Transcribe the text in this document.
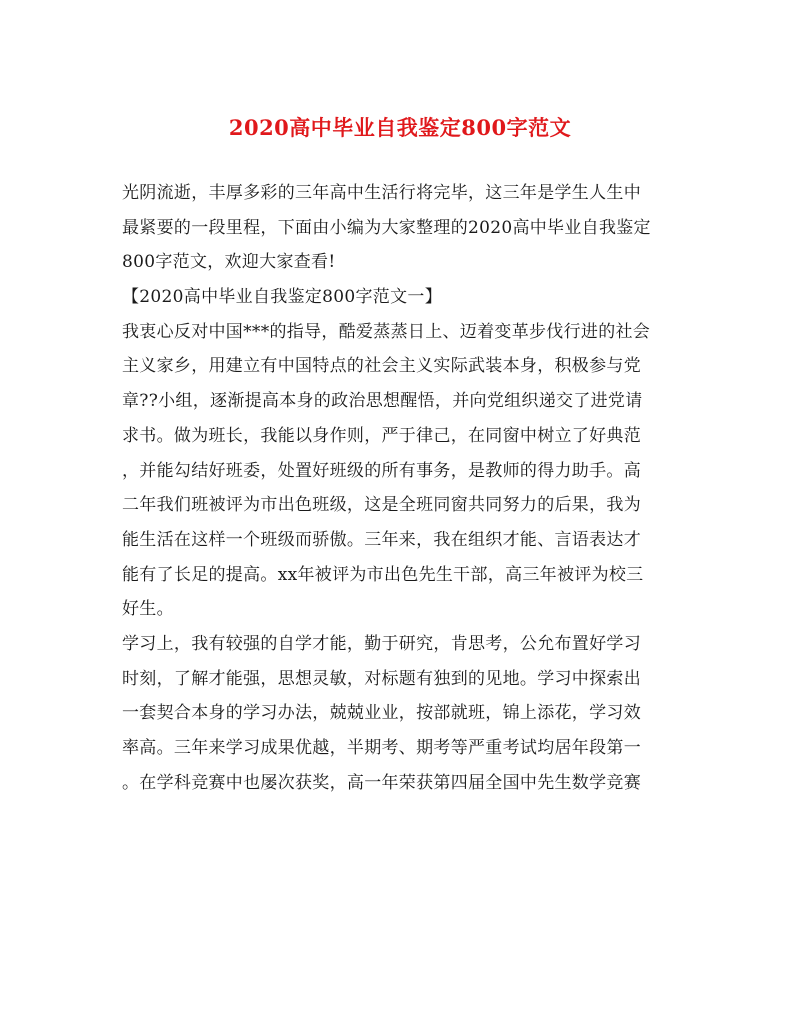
2020高中毕业自我鉴定800字范文
光阴流逝，丰厚多彩的三年高中生活行将完毕，这三年是学生人生中
最紧要的一段里程，下面由小编为大家整理的2020高中毕业自我鉴定
800字范文，欢迎大家查看!
【2020高中毕业自我鉴定800字范文一】
我衷心反对中国***的指导，酷爱蒸蒸日上、迈着变革步伐行进的社会
主义家乡，用建立有中国特点的社会主义实际武装本身，积极参与党
章??小组，逐渐提高本身的政治思想醒悟，并向党组织递交了进党请
求书。做为班长，我能以身作则，严于律己，在同窗中树立了好典范
，并能勾结好班委，处置好班级的所有事务，是教师的得力助手。高
二年我们班被评为市出色班级，这是全班同窗共同努力的后果，我为
能生活在这样一个班级而骄傲。三年来，我在组织才能、言语表达才
能有了长足的提高。xx年被评为市出色先生干部，高三年被评为校三
好生。
学习上，我有较强的自学才能，勤于研究，肯思考，公允布置好学习
时刻，了解才能强，思想灵敏，对标题有独到的见地。学习中探索出
一套契合本身的学习办法，兢兢业业，按部就班，锦上添花，学习效
率高。三年来学习成果优越，半期考、期考等严重考试均居年段第一
。在学科竞赛中也屡次获奖，高一年荣获第四届全国中先生数学竞赛
